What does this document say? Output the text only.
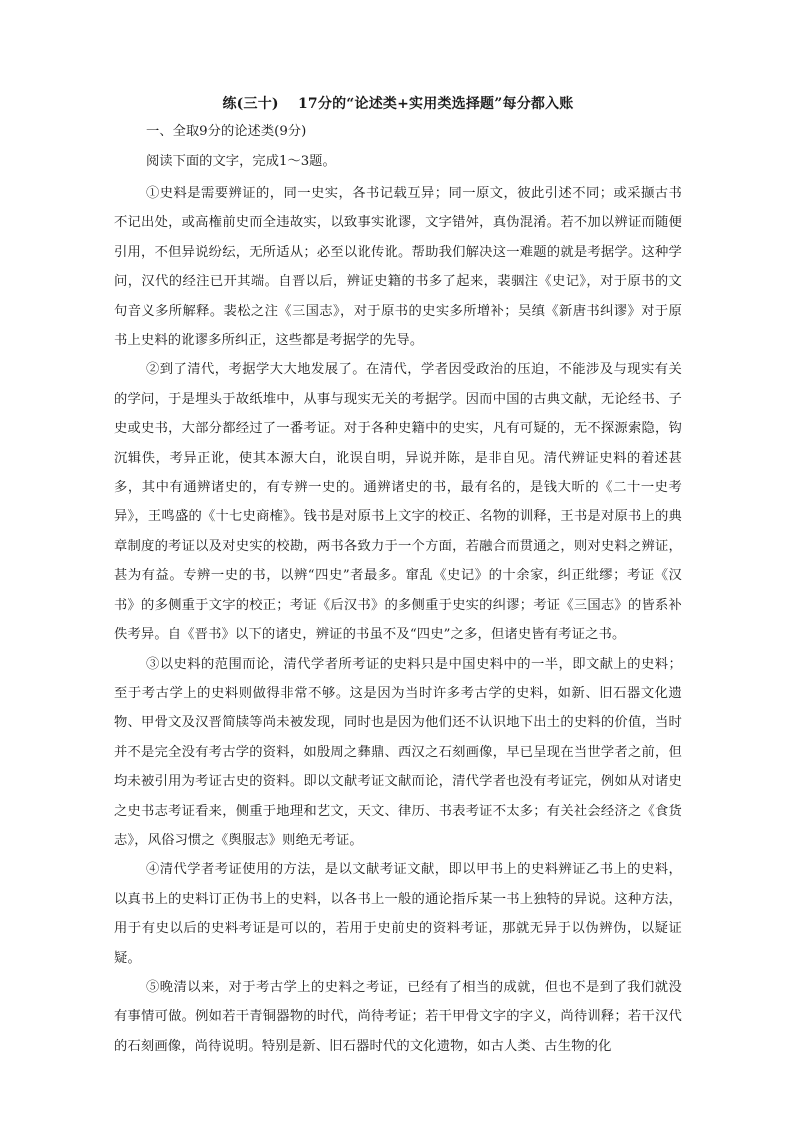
练(三十)　 17分的“论述类+实用类选择题”每分都入账
一、全取9分的论述类(9分)
阅读下面的文字，完成1～3题。

①史料是需要辨证的，同一史实，各书记载互异；同一原文，彼此引述不同；或采撷古书不记出处，或高権前史而全违故实，以致事实讹谬，文字错舛，真伪混淆。若不加以辨证而随便引用，不但异说纷纭，无所适从；必至以讹传讹。帮助我们解决这一难题的就是考据学。这种学问，汉代的经注已开其端。自晋以后，辨证史籍的书多了起来，裴骃注《史记》，对于原书的文句音义多所解释。裴松之注《三国志》，对于原书的史实多所增补；吴缜《新唐书纠谬》对于原书上史料的讹谬多所纠正，这些都是考据学的先导。

②到了清代，考据学大大地发展了。在清代，学者因受政治的压迫，不能涉及与现实有关的学问，于是埋头于故纸堆中，从事与现实无关的考据学。因而中国的古典文献，无论经书、子史或史书，大部分都经过了一番考证。对于各种史籍中的史实，凡有可疑的，无不探源索隐，钩沉辑佚，考异正讹，使其本源大白，讹误自明，异说并陈，是非自见。清代辨证史料的着述甚多，其中有通辨诸史的，有专辨一史的。通辨诸史的书，最有名的，是钱大昕的《二十一史考异》，王鸣盛的《十七史商榷》。钱书是对原书上文字的校正、名物的训释，王书是对原书上的典章制度的考证以及对史实的校勘，两书各致力于一个方面，若融合而贯通之，则对史料之辨证，甚为有益。专辨一史的书，以辨“四史”者最多。窜乱《史记》的十余家，纠正纰缪；考证《汉书》的多侧重于文字的校正；考证《后汉书》的多侧重于史实的纠谬；考证《三国志》的皆系补佚考异。自《晋书》以下的诸史，辨证的书虽不及“四史”之多，但诸史皆有考证之书。

③以史料的范围而论，清代学者所考证的史料只是中国史料中的一半，即文献上的史料；至于考古学上的史料则做得非常不够。这是因为当时许多考古学的史料，如新、旧石器文化遗物、甲骨文及汉晋简牍等尚未被发现，同时也是因为他们还不认识地下出土的史料的价值，当时并不是完全没有考古学的资料，如殷周之彝鼎、西汉之石刻画像，早已呈现在当世学者之前，但均未被引用为考证古史的资料。即以文献考证文献而论，清代学者也没有考证完，例如从对诸史之史书志考证看来，侧重于地理和艺文，天文、律历、书表考证不太多；有关社会经济之《食货志》，风俗习惯之《舆服志》则绝无考证。

④清代学者考证使用的方法，是以文献考证文献，即以甲书上的史料辨证乙书上的史料，以真书上的史料订正伪书上的史料，以各书上一般的通论指斥某一书上独特的异说。这种方法，用于有史以后的史料考证是可以的，若用于史前史的资料考证，那就无异于以伪辨伪，以疑证疑。

⑤晚清以来，对于考古学上的史料之考证，已经有了相当的成就，但也不是到了我们就没有事情可做。例如若干青铜器物的时代，尚待考证；若干甲骨文字的字义，尚待训释；若干汉代的石刻画像，尚待说明。特别是新、旧石器时代的文化遗物，如古人类、古生物的化
